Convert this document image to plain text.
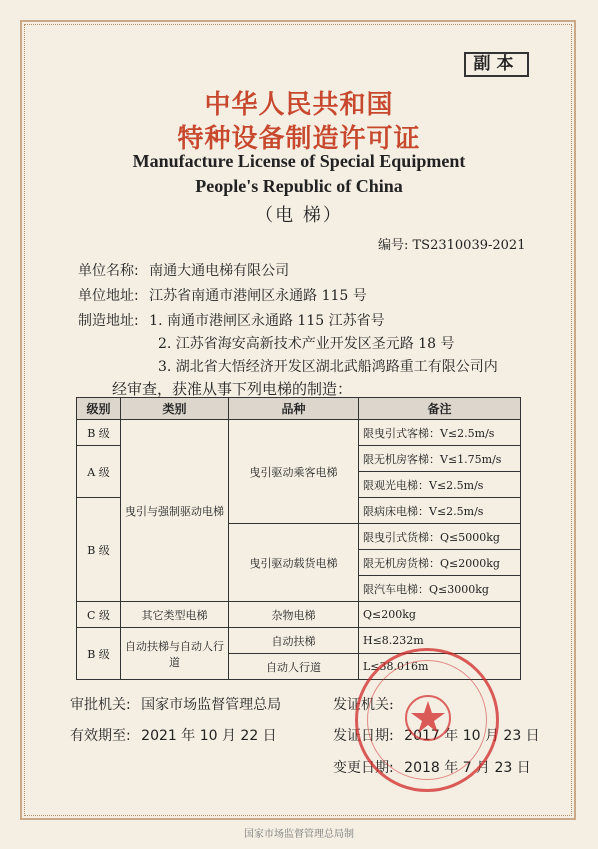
副本
中华人民共和国
特种设备制造许可证
Manufacture License of Special Equipment
People's Republic of China
（电 梯）
编号: TS2310039-2021
单位名称: 南通大通电梯有限公司
单位地址: 江苏省南通市港闸区永通路 115 号
制造地址: 1. 南通市港闸区永通路 115 江苏省号
2. 江苏省海安高新技术产业开发区圣元路 18 号
3. 湖北省大悟经济开发区湖北武船鸿路重工有限公司内
经审查，获准从事下列电梯的制造：
级别	类别	品种	备注
B 级	曳引与强制驱动电梯	曳引驱动乘客电梯	限曳引式客梯：V≤2.5m/s
A 级			限无机房客梯：V≤1.75m/s
			限观光电梯：V≤2.5m/s
B 级			限病床电梯：V≤2.5m/s
		曳引驱动载货电梯	限曳引式货梯：Q≤5000kg
			限无机房货梯：Q≤2000kg
			限汽车电梯：Q≤3000kg
C 级	其它类型电梯	杂物电梯	Q≤200kg
B 级	自动扶梯与自动人行道	自动扶梯	H≤8.232m
		自动人行道	L≤38.016m
审批机关: 国家市场监督管理总局
有效期至: 2021 年 10 月 22 日
发证机关:
发证日期: 2017 年 10 月 23 日
变更日期: 2018 年 7 月 23 日
国家市场监督管理总局制
